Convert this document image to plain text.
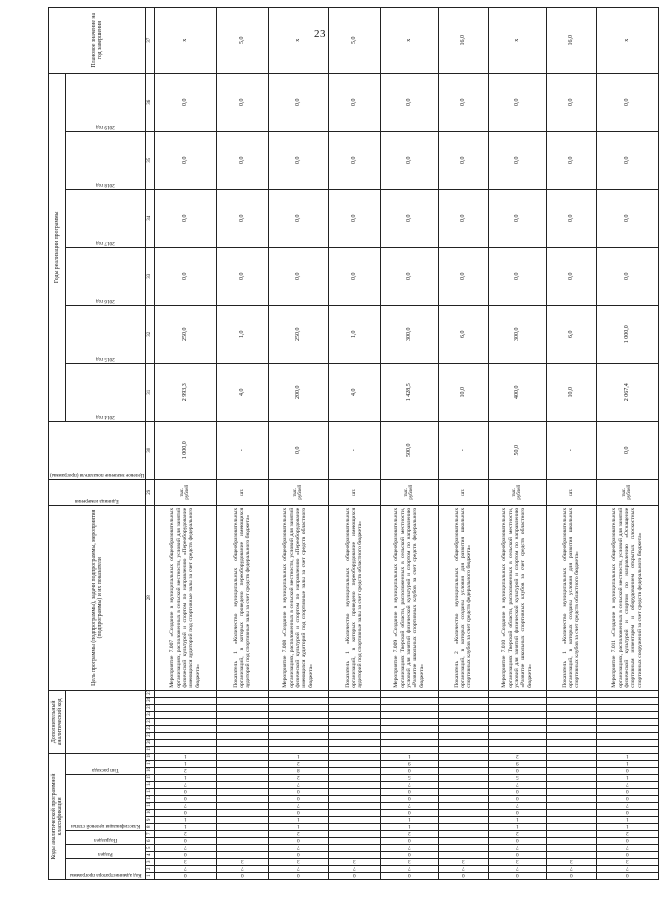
23
Коды аналитической программной классификации																		Дополнительный аналитический код									Цель программы (подпрограммы), задачи подпрограммы, мероприятия (подпрограммы) и их показатели	Единица измерения	Целевое значение показателя (программы)	Годы реализации программы						Плановое значение на год завершения

Код администратора программы			Раздел		Подраздел		Классификация целевой статьи								Тип расхода															2014 год	2015 год	2016 год	2017 год	2018 год	2019 год	

1	2	3	4	5	6	7	8	9	10	11	12	13	14	15	16	17	18	19	20	21	22	23	24	25	26	27	28	29	30	31	32	33	34	35	36	37

0	7	3	0	7	0	2	1	1	0	7	0	0	7	1	2	1	1										Мероприятие 7.007 «Создание в муниципальных общеобразовательных организациях, расположенных в сельской местности, условий для занятий физической культурой и спортом по направлению «Переоборудование имеющихся аудиторий под спортивные залы за счет средств федерального бюджета»	тыс. рублей	1 000,0	2 993,3	250,0	0,0	0,0	0,0	0,0	х

0	7	3																									Показатель 1 «Количество муниципальных общеобразовательных организаций, в которых проведено переоборудование имеющихся аудиторий под спортивные залы за счет средств федерального бюджета»	шт.	-	4,0	1,0	0,0	0,0	0,0	0,0	5,0

0	7	3	0	7	0	2	1	1	0	7	0	0	7	2	8	2	1										Мероприятие 7.008 «Создание в муниципальных общеобразовательных организациях, расположенных в сельской местности, условий для занятий физической культурой и спортом по направлению «Переоборудование имеющихся аудиторий под спортивные залы за счет средств областного бюджета»	тыс. рублей	0,0	200,0	250,0	0,0	0,0	0,0	0,0	х

0	7	3																									Показатель 1 «Количество муниципальных общеобразовательных организаций, в которых проведено переоборудование имеющихся аудиторий под спортивные залы за счет средств областного бюджета»	шт.	-	4,0	1,0	0,0	0,0	0,0	0,0	5,0

0	7	3	0	7	0	2	1	1	0	7	0	0	7	5	0	9	1										Мероприятие 7.009 «Создание в муниципальных общеобразовательных организациях Тверской области, расположенных в сельской местности, условий для занятий физической культурой и спортом по направлению «Развитие школьных спортивных клубов за счет средств федерального бюджета»	тыс. рублей	500,0	1 428,5	300,0	0,0	0,0	0,0	0,0	х

0	7	3																									Показатель 2 «Количество муниципальных общеобразовательных организаций, в которых созданы условия для развития школьных спортивных клубов за счет средств федерального бюджета»	шт.	-	10,0	6,0	0,0	0,0	0,0	0,0	16,0

0	7	3	0	7	0	2	1	1	0	7	0	0	7	5	0	9	2										Мероприятие 7.010 «Создание в муниципальных общеобразовательных организациях Тверской области, расположенных в сельской местности, условий для занятий физической культурой и спортом по направлению «Развитие школьных спортивных клубов за счет средств областного бюджета»	тыс. рублей	50,0	400,0	300,0	0,0	0,0	0,0	0,0	х

0	7	3																									Показатель 1 «Количество муниципальных общеобразовательных организаций, в которых созданы условия для развития школьных спортивных клубов за счет средств областного бюджета»	шт.	-	10,0	6,0	0,0	0,0	0,0	0,0	16,0

0	7	3	0	7	0	2	1	1	0	7	0	0	7	1	0	1	1										Мероприятие 7.011 «Создание в муниципальных общеобразовательных организациях, расположенных в сельской местности, условий для занятий физической культурой и спортом по направлению «Оснащение спортивным инвентарем и оборудованием открытых плоскостных спортивных сооружений за счет средств федерального бюджета»	тыс. рублей	0,0	2 067,4	1 000,0	0,0	0,0	0,0	0,0	х
